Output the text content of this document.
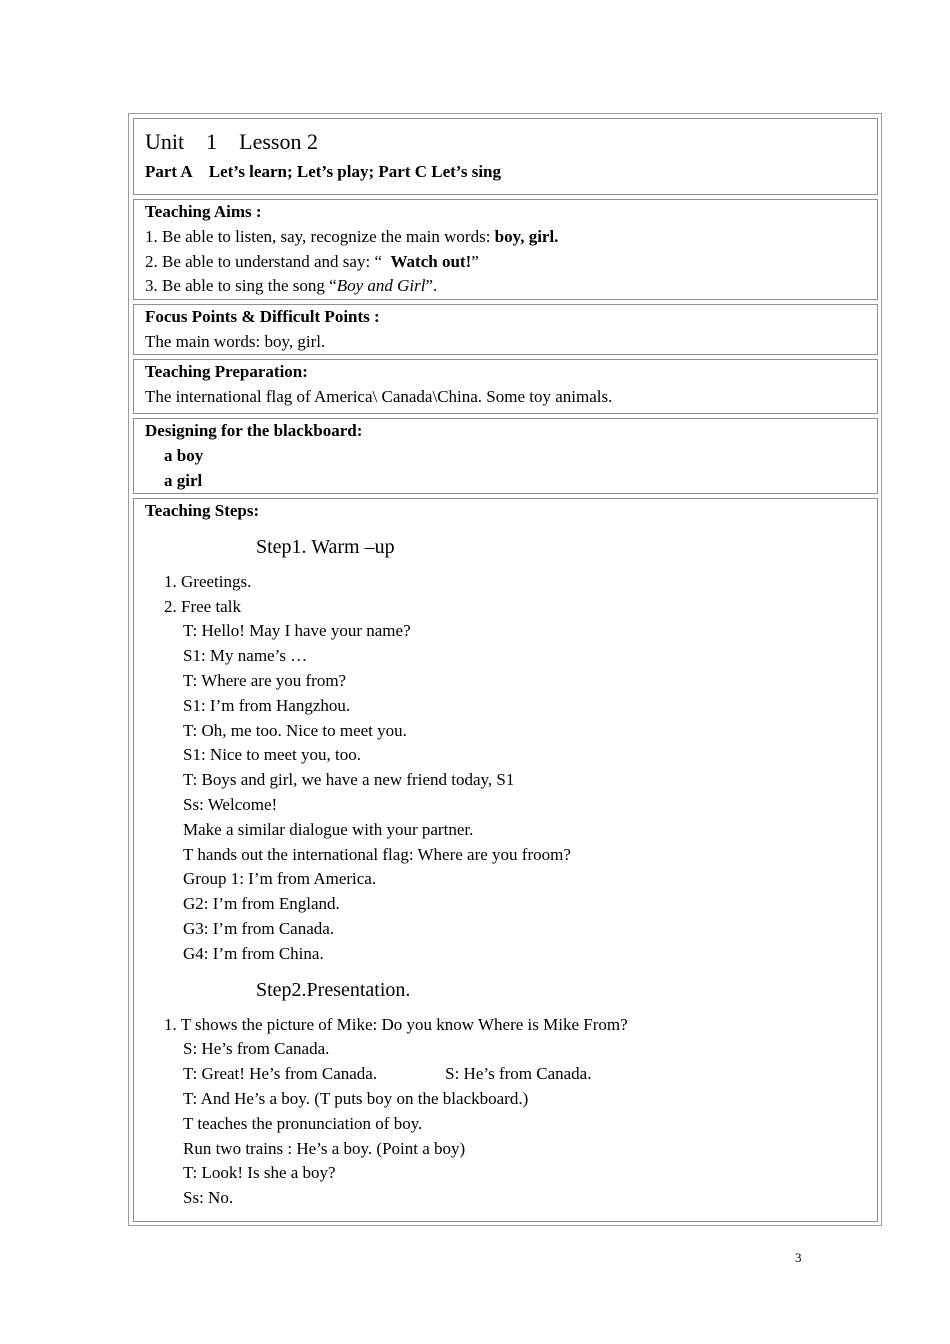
Unit 1 Lesson 2
Part A    Let’s learn; Let’s play; Part C Let’s sing
Teaching Aims :
1. Be able to listen, say, recognize the main words: boy, girl.
2. Be able to understand and say: “  Watch out!”
3. Be able to sing the song “Boy and Girl”.
Focus Points & Difficult Points :
The main words: boy, girl.
Teaching Preparation:
The international flag of America\ Canada\China. Some toy animals.
Designing for the blackboard:
a boy
a girl
Teaching Steps:
Step1. Warm –up
1. Greetings.
2. Free talk
T: Hello! May I have your name?
S1: My name’s …
T: Where are you from?
S1: I’m from Hangzhou.
T: Oh, me too. Nice to meet you.
S1: Nice to meet you, too.
T: Boys and girl, we have a new friend today, S1
Ss: Welcome!
Make a similar dialogue with your partner.
T hands out the international flag: Where are you froom?
Group 1: I’m from America.
G2: I’m from England.
G3: I’m from Canada.
G4: I’m from China.
Step2.Presentation.
1. T shows the picture of Mike: Do you know Where is Mike From?
S: He’s from Canada.
T: Great! He’s from Canada.	S: He’s from Canada.
T: And He’s a boy. (T puts boy on the blackboard.)
T teaches the pronunciation of boy.
Run two trains : He’s a boy. (Point a boy)
T: Look! Is she a boy?
Ss: No.
3
